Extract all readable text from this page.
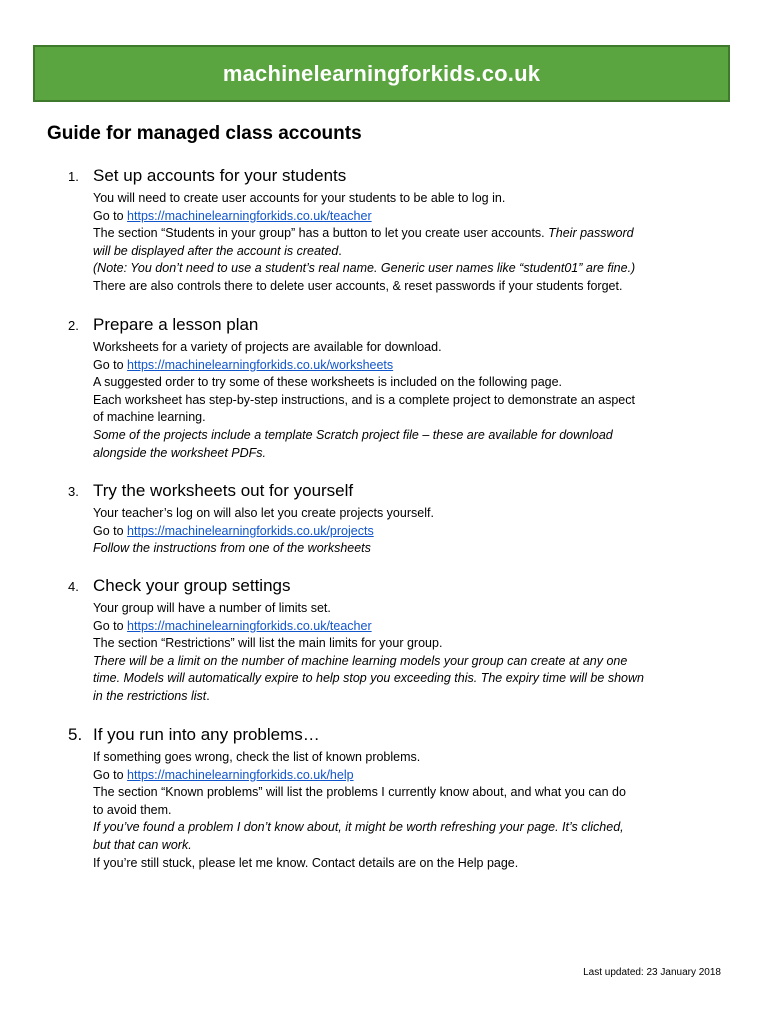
machinelearningforkids.co.uk
Guide for managed class accounts
1. Set up accounts for your students
You will need to create user accounts for your students to be able to log in.
Go to https://machinelearningforkids.co.uk/teacher
The section “Students in your group” has a button to let you create user accounts. Their password
will be displayed after the account is created.
(Note: You don’t need to use a student’s real name. Generic user names like “student01” are fine.)
There are also controls there to delete user accounts, & reset passwords if your students forget.
2. Prepare a lesson plan
Worksheets for a variety of projects are available for download.
Go to https://machinelearningforkids.co.uk/worksheets
A suggested order to try some of these worksheets is included on the following page.
Each worksheet has step-by-step instructions, and is a complete project to demonstrate an aspect
of machine learning.
Some of the projects include a template Scratch project file – these are available for download
alongside the worksheet PDFs.
3. Try the worksheets out for yourself
Your teacher’s log on will also let you create projects yourself.
Go to https://machinelearningforkids.co.uk/projects
Follow the instructions from one of the worksheets
4. Check your group settings
Your group will have a number of limits set.
Go to https://machinelearningforkids.co.uk/teacher
The section “Restrictions” will list the main limits for your group.
There will be a limit on the number of machine learning models your group can create at any one
time. Models will automatically expire to help stop you exceeding this. The expiry time will be shown
in the restrictions list.
5. If you run into any problems…
If something goes wrong, check the list of known problems.
Go to https://machinelearningforkids.co.uk/help
The section “Known problems” will list the problems I currently know about, and what you can do
to avoid them.
If you’ve found a problem I don’t know about, it might be worth refreshing your page. It’s cliched,
but that can work.
If you’re still stuck, please let me know. Contact details are on the Help page.
Last updated: 23 January 2018
